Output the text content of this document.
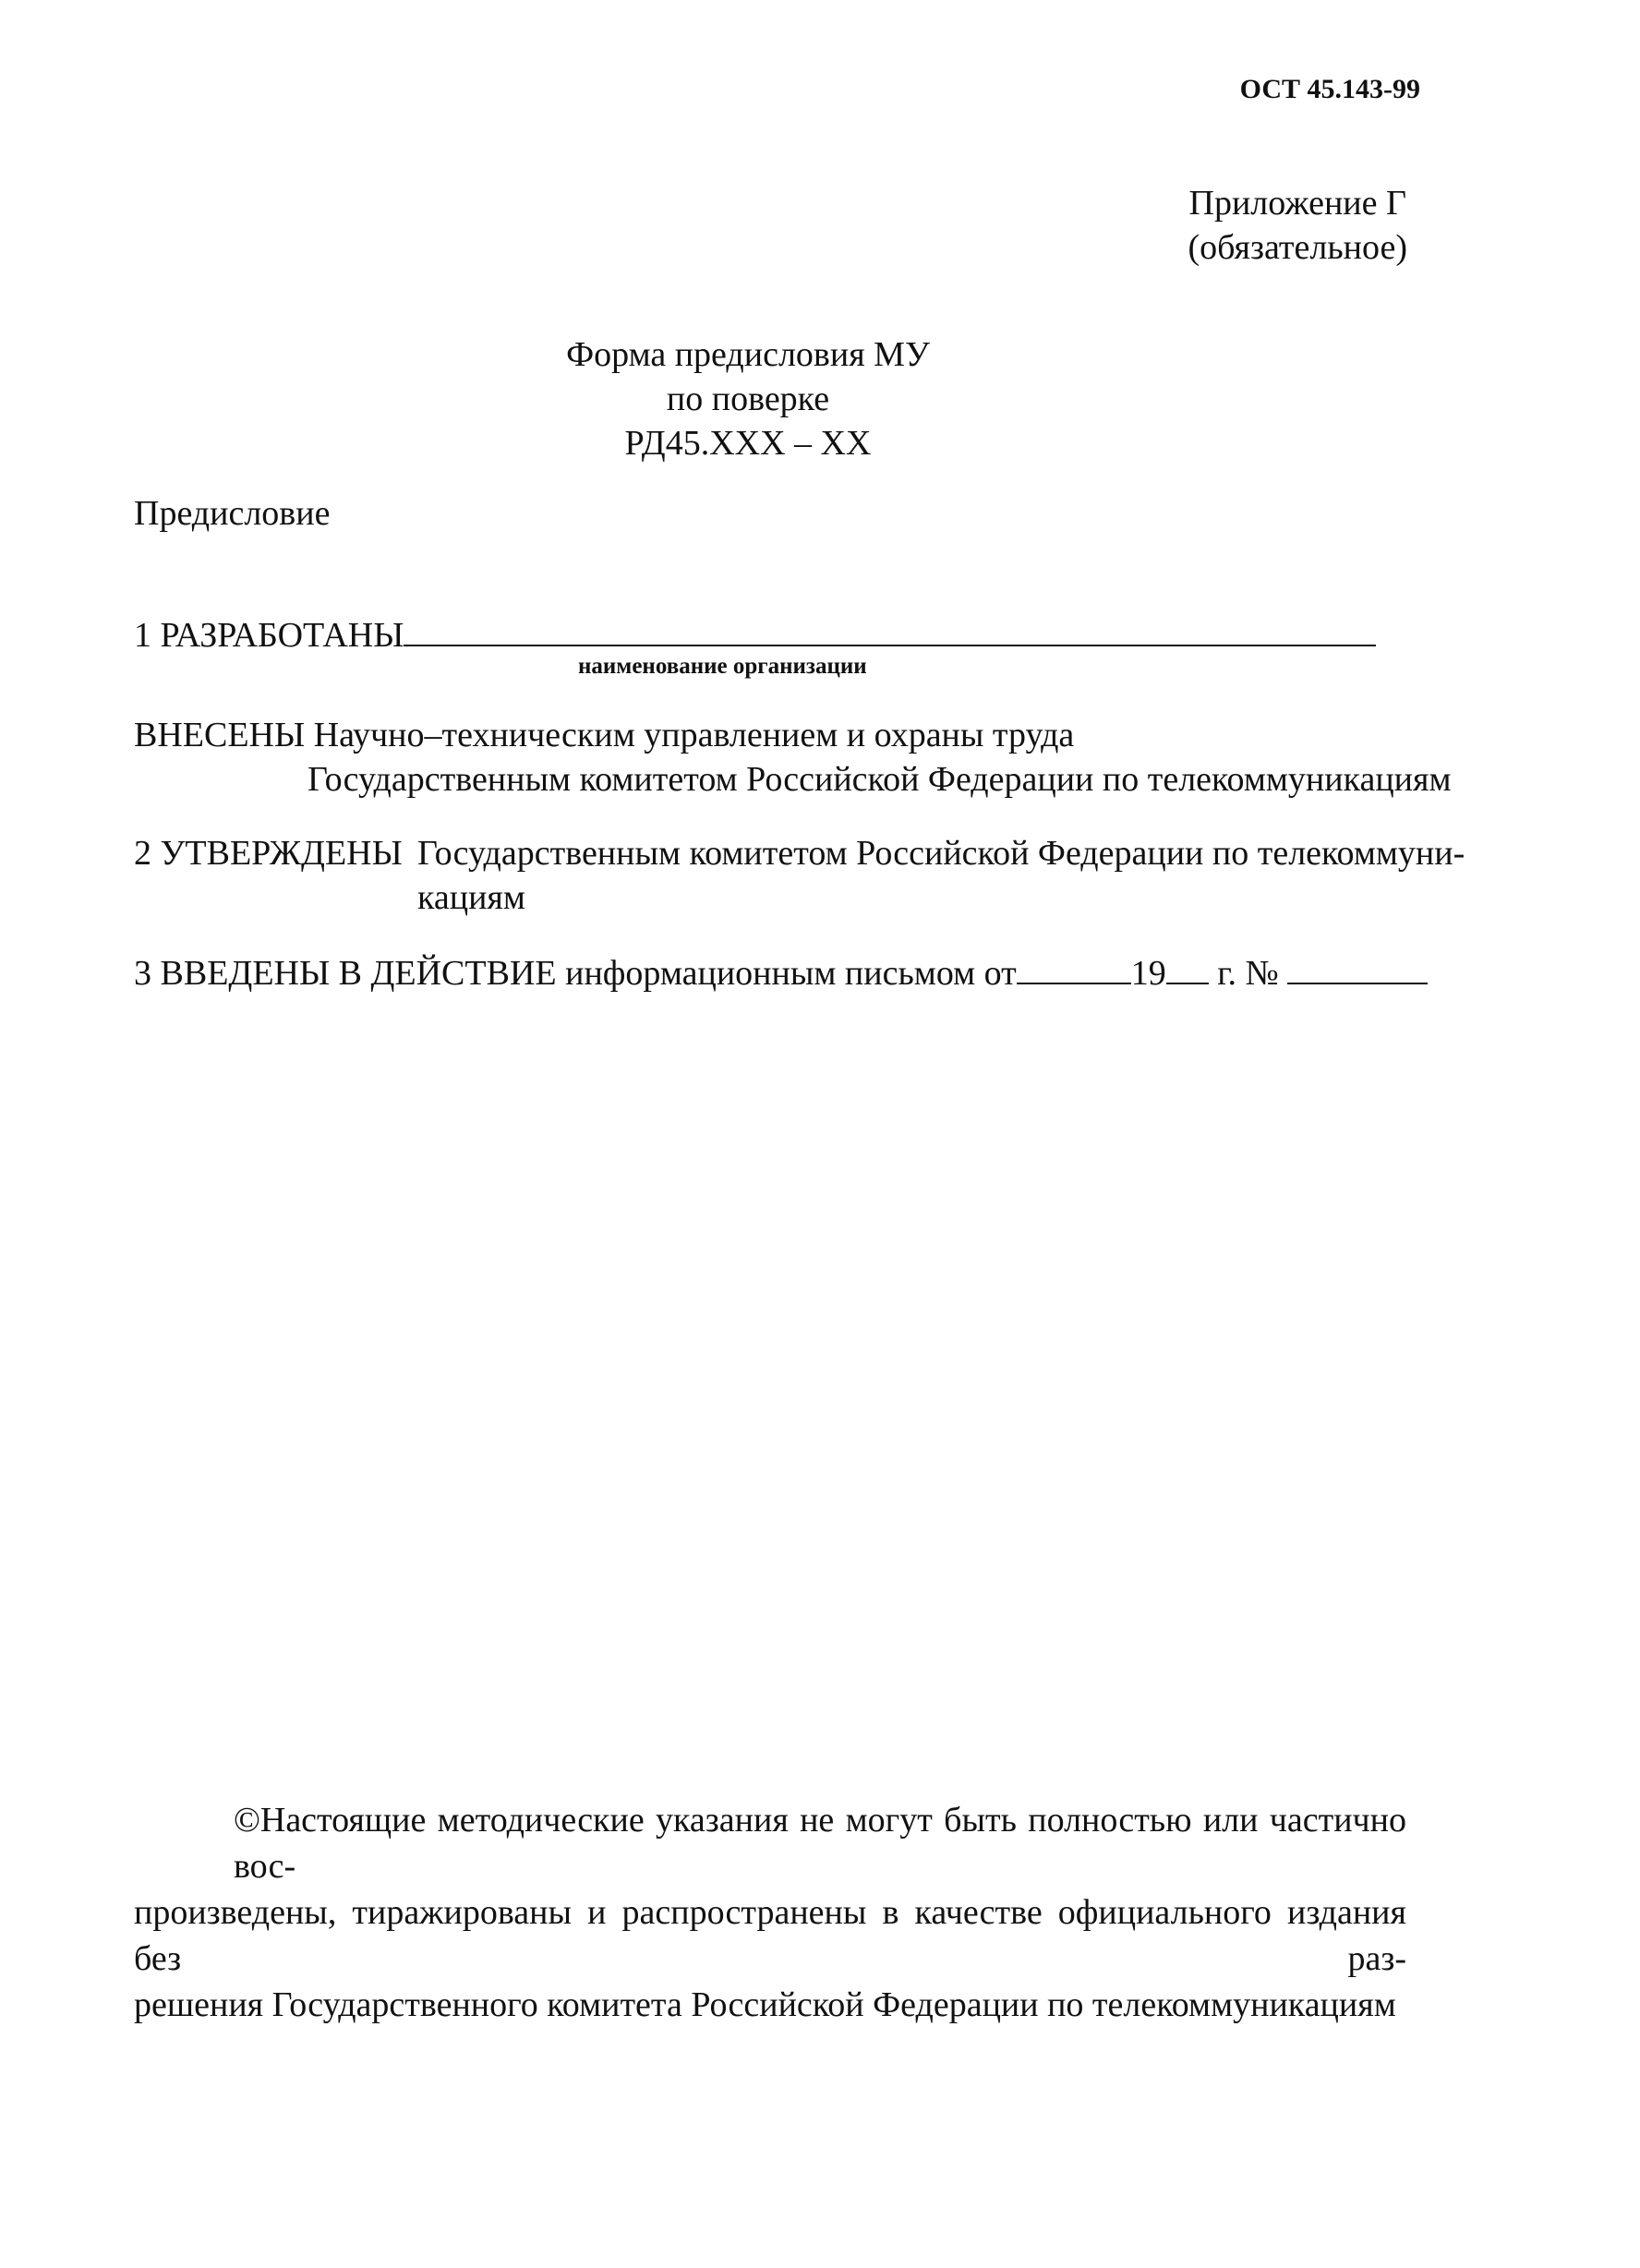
ОСТ 45.143-99
Приложение Г
(обязательное)
Форма предисловия МУ
по поверке
РД45.XXX – XX
Предисловие
1 РАЗРАБОТАНЫ
наименование организации
ВНЕСЕНЫ Научно–техническим управлением и охраны труда
Государственным комитетом Российской Федерации по телекоммуникациям
2 УТВЕРЖДЕНЫ Государственным комитетом Российской Федерации по телекоммуни-
кациям
3 ВВЕДЕНЫ В ДЕЙСТВИЕ информационным письмом от	19 г. №
©Настоящие методические указания не могут быть полностью или частично вос-
произведены, тиражированы и распространены в качестве официального издания без раз-
решения Государственного комитета Российской Федерации по телекоммуникациям
